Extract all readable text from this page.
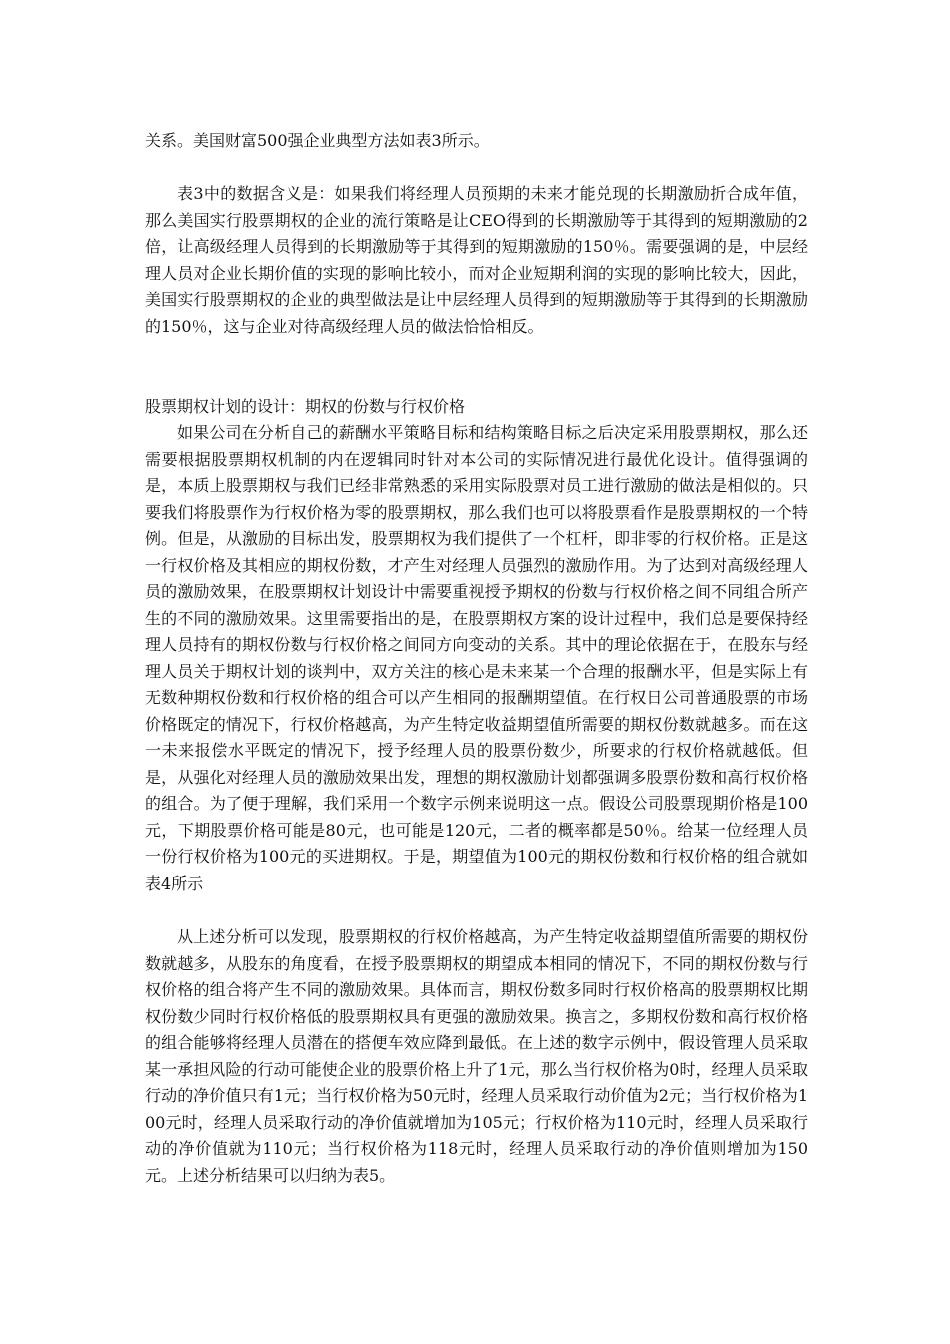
关系。美国财富500强企业典型方法如表3所示。

表3中的数据含义是：如果我们将经理人员预期的未来才能兑现的长期激励折合成年值，那么美国实行股票期权的企业的流行策略是让CEO得到的长期激励等于其得到的短期激励的2倍，让高级经理人员得到的长期激励等于其得到的短期激励的150％。需要强调的是，中层经理人员对企业长期价值的实现的影响比较小，而对企业短期利润的实现的影响比较大，因此，美国实行股票期权的企业的典型做法是让中层经理人员得到的短期激励等于其得到的长期激励的150％，这与企业对待高级经理人员的做法恰恰相反。

股票期权计划的设计：期权的份数与行权价格

如果公司在分析自己的薪酬水平策略目标和结构策略目标之后决定采用股票期权，那么还需要根据股票期权机制的内在逻辑同时针对本公司的实际情况进行最优化设计。值得强调的是，本质上股票期权与我们已经非常熟悉的采用实际股票对员工进行激励的做法是相似的。只要我们将股票作为行权价格为零的股票期权，那么我们也可以将股票看作是股票期权的一个特例。但是，从激励的目标出发，股票期权为我们提供了一个杠杆，即非零的行权价格。正是这一行权价格及其相应的期权份数，才产生对经理人员强烈的激励作用。为了达到对高级经理人员的激励效果，在股票期权计划设计中需要重视授予期权的份数与行权价格之间不同组合所产生的不同的激励效果。这里需要指出的是，在股票期权方案的设计过程中，我们总是要保持经理人员持有的期权份数与行权价格之间同方向变动的关系。其中的理论依据在于，在股东与经理人员关于期权计划的谈判中，双方关注的核心是未来某一个合理的报酬水平，但是实际上有无数种期权份数和行权价格的组合可以产生相同的报酬期望值。在行权日公司普通股票的市场价格既定的情况下，行权价格越高，为产生特定收益期望值所需要的期权份数就越多。而在这一未来报偿水平既定的情况下，授予经理人员的股票份数少，所要求的行权价格就越低。但是，从强化对经理人员的激励效果出发，理想的期权激励计划都强调多股票份数和高行权价格的组合。为了便于理解，我们采用一个数字示例来说明这一点。假设公司股票现期价格是100元，下期股票价格可能是80元，也可能是120元，二者的概率都是50％。给某一位经理人员一份行权价格为100元的买进期权。于是，期望值为100元的期权份数和行权价格的组合就如表4所示

从上述分析可以发现，股票期权的行权价格越高，为产生特定收益期望值所需要的期权份数就越多，从股东的角度看，在授予股票期权的期望成本相同的情况下，不同的期权份数与行权价格的组合将产生不同的激励效果。具体而言，期权份数多同时行权价格高的股票期权比期权份数少同时行权价格低的股票期权具有更强的激励效果。换言之，多期权份数和高行权价格的组合能够将经理人员潜在的搭便车效应降到最低。在上述的数字示例中，假设管理人员采取某一承担风险的行动可能使企业的股票价格上升了1元，那么当行权价格为0时，经理人员采取行动的净价值只有1元；当行权价格为50元时，经理人员采取行动价值为2元；当行权价格为100元时，经理人员采取行动的净价值就增加为105元；行权价格为110元时，经理人员采取行动的净价值就为110元；当行权价格为118元时，经理人员采取行动的净价值则增加为150元。上述分析结果可以归纳为表5。
